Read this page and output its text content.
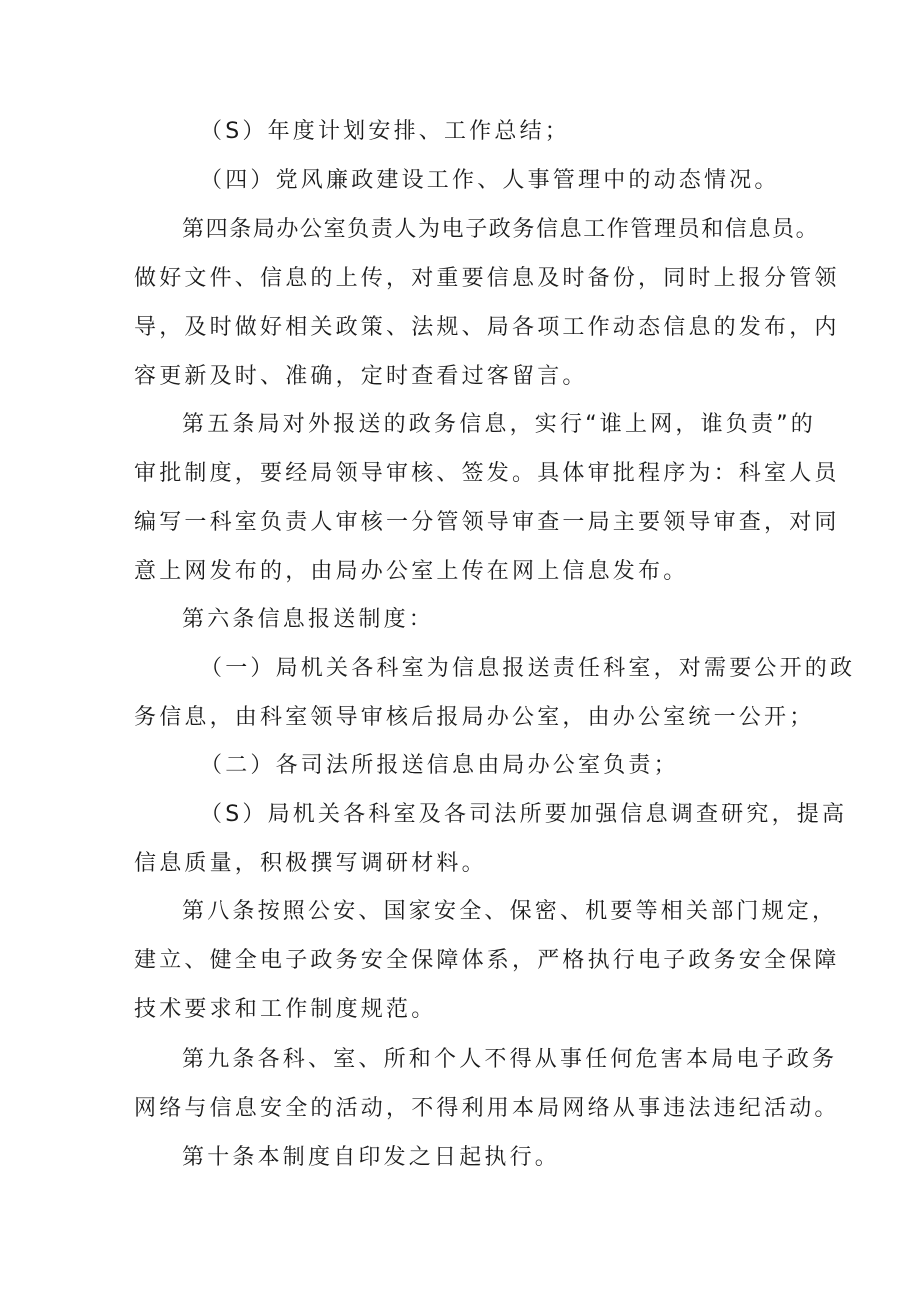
（S）年度计划安排、工作总结；
（四）党风廉政建设工作、人事管理中的动态情况。
第四条局办公室负责人为电子政务信息工作管理员和信息员。
做好文件、信息的上传，对重要信息及时备份，同时上报分管领
导，及时做好相关政策、法规、局各项工作动态信息的发布，内
容更新及时、准确，定时查看过客留言。
第五条局对外报送的政务信息，实行“谁上网，谁负责”的
审批制度，要经局领导审核、签发。具体审批程序为：科室人员
编写一科室负责人审核一分管领导审查一局主要领导审查，对同
意上网发布的，由局办公室上传在网上信息发布。
第六条信息报送制度：
（一）局机关各科室为信息报送责任科室，对需要公开的政
务信息，由科室领导审核后报局办公室，由办公室统一公开；
（二）各司法所报送信息由局办公室负责；
（S）局机关各科室及各司法所要加强信息调查研究，提高
信息质量，积极撰写调研材料。
第八条按照公安、国家安全、保密、机要等相关部门规定，
建立、健全电子政务安全保障体系，严格执行电子政务安全保障
技术要求和工作制度规范。
第九条各科、室、所和个人不得从事任何危害本局电子政务
网络与信息安全的活动，不得利用本局网络从事违法违纪活动。
第十条本制度自印发之日起执行。
